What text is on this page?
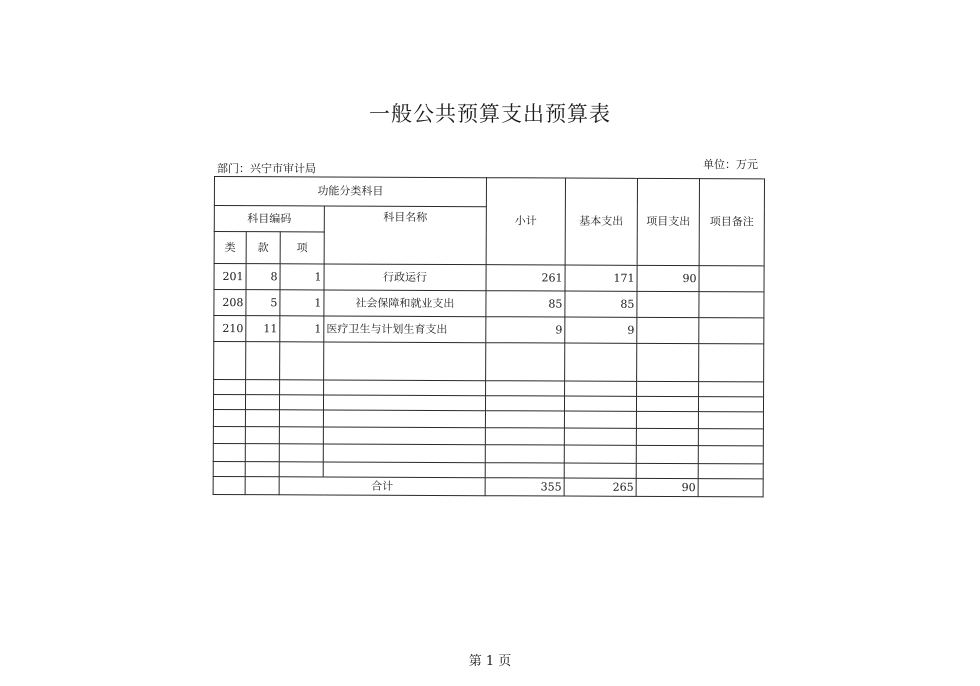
一般公共预算支出预算表
部门：兴宁市审计局	单位：万元
功能分类科目				小计	基本支出	项目支出	项目备注
科目编码			科目名称				
类	款	项					
201	8	1	行政运行	261	171	90	
208	5	1	社会保障和就业支出	85	85		
210	11	1	医疗卫生与计划生育支出	9	9		

		合计		355	265	90	
第 1 页
